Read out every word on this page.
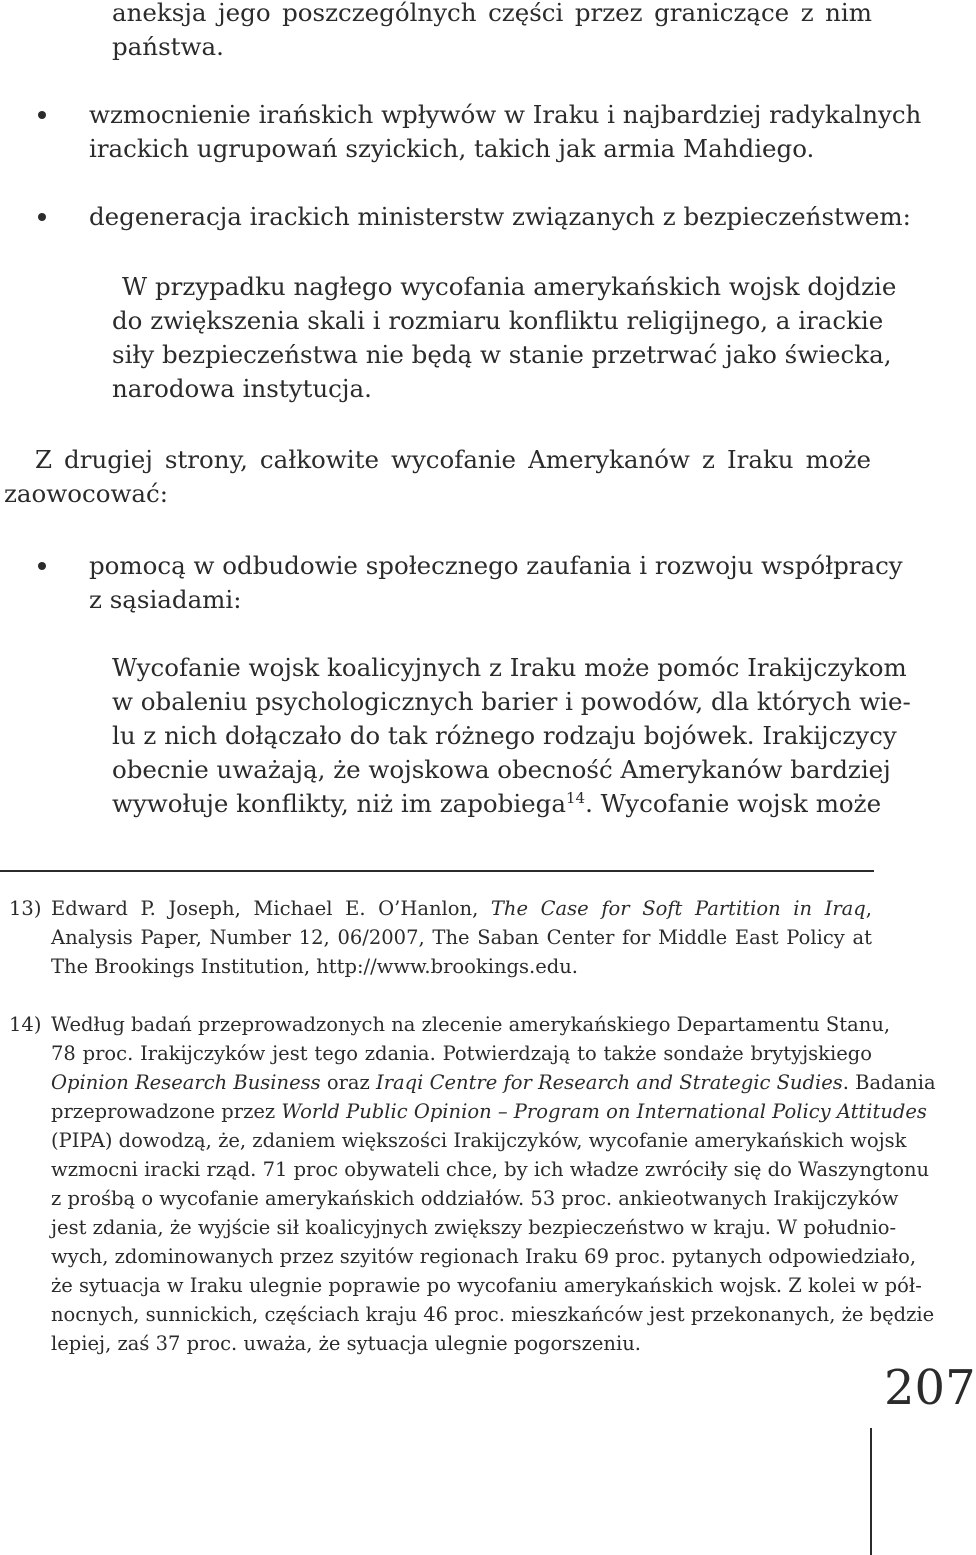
aneksja jego poszczególnych części przez graniczące z nim
państwa.
wzmocnienie irańskich wpływów w Iraku i najbardziej radykalnych
irackich ugrupowań szyickich, takich jak armia Mahdiego.
degeneracja irackich ministerstw związanych z bezpieczeństwem:
W przypadku nagłego wycofania amerykańskich wojsk dojdzie
do zwiększenia skali i rozmiaru konfliktu religijnego, a irackie
siły bezpieczeństwa nie będą w stanie przetrwać jako świecka,
narodowa instytucja.
Z drugiej strony, całkowite wycofanie Amerykanów z Iraku może
zaowocować:
pomocą w odbudowie społecznego zaufania i rozwoju współpracy
z sąsiadami:
Wycofanie wojsk koalicyjnych z Iraku może pomóc Irakijczykom
w obaleniu psychologicznych barier i powodów, dla których wie-
lu z nich dołączało do tak różnego rodzaju bojówek. Irakijczycy
obecnie uważają, że wojskowa obecność Amerykanów bardziej
wywołuje konflikty, niż im zapobiega$^{14}$. Wycofanie wojsk może
13) Edward P. Joseph, Michael E. O’Hanlon, The Case for Soft Partition in Iraq,
Analysis Paper, Number 12, 06/2007, The Saban Center for Middle East Policy at
The Brookings Institution, http://www.brookings.edu.
14) Według badań przeprowadzonych na zlecenie amerykańskiego Departamentu Stanu,
78 proc. Irakijczyków jest tego zdania. Potwierdzają to także sondaże brytyjskiego
Opinion Research Business oraz Iraqi Centre for Research and Strategic Sudies. Badania
przeprowadzone przez World Public Opinion – Program on International Policy Attitudes
(PIPA) dowodzą, że, zdaniem większości Irakijczyków, wycofanie amerykańskich wojsk
wzmocni iracki rząd. 71 proc obywateli chce, by ich władze zwróciły się do Waszyngtonu
z prośbą o wycofanie amerykańskich oddziałów. 53 proc. ankieotwanych Irakijczyków
jest zdania, że wyjście sił koalicyjnych zwiększy bezpieczeństwo w kraju. W południo-
wych, zdominowanych przez szyitów regionach Iraku 69 proc. pytanych odpowiedziało,
że sytuacja w Iraku ulegnie poprawie po wycofaniu amerykańskich wojsk. Z kolei w pół-
nocnych, sunnickich, częściach kraju 46 proc. mieszkańców jest przekonanych, że będzie
lepiej, zaś 37 proc. uważa, że sytuacja ulegnie pogorszeniu.
207
